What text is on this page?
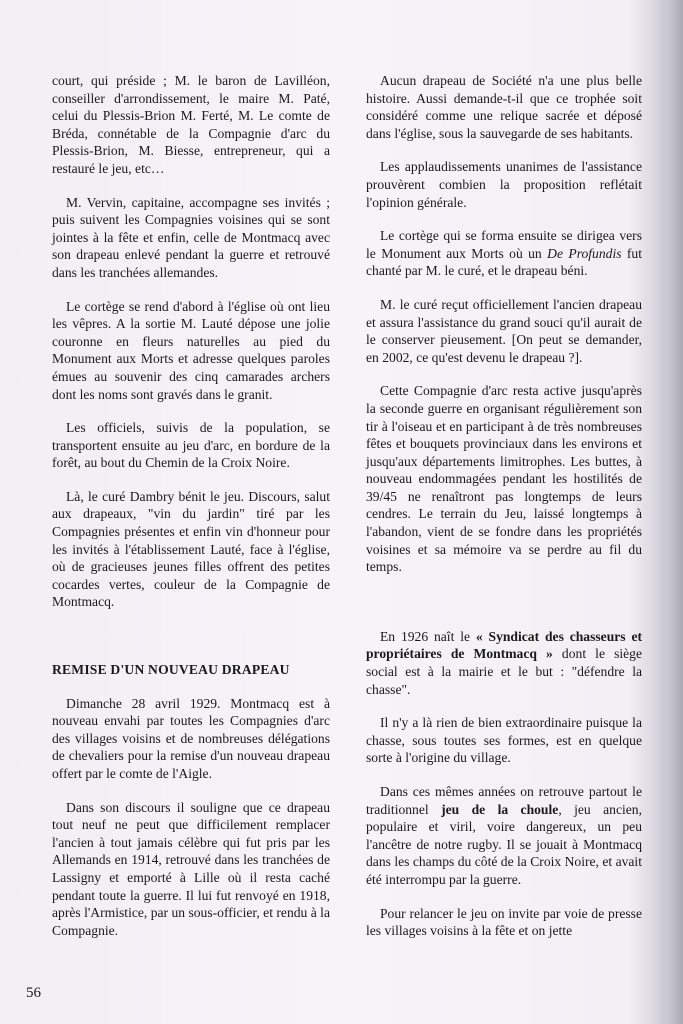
court, qui préside ; M. le baron de Lavilléon, conseiller d'arrondissement, le maire M. Paté, celui du Plessis-Brion M. Ferté, M. Le comte de Bréda, connétable de la Compagnie d'arc du Plessis-Brion, M. Biesse, entrepreneur, qui a restauré le jeu, etc…

M. Vervin, capitaine, accompagne ses invités ; puis suivent les Compagnies voisines qui se sont jointes à la fête et enfin, celle de Montmacq avec son drapeau enlevé pendant la guerre et retrouvé dans les tranchées allemandes.

Le cortège se rend d'abord à l'église où ont lieu les vêpres. A la sortie M. Lauté dépose une jolie couronne en fleurs naturelles au pied du Monument aux Morts et adresse quelques paroles émues au souvenir des cinq camarades archers dont les noms sont gravés dans le granit.

Les officiels, suivis de la population, se transportent ensuite au jeu d'arc, en bordure de la forêt, au bout du Chemin de la Croix Noire.

Là, le curé Dambry bénit le jeu. Discours, salut aux drapeaux, "vin du jardin" tiré par les Compagnies présentes et enfin vin d'honneur pour les invités à l'établissement Lauté, face à l'église, où de gracieuses jeunes filles offrent des petites cocardes vertes, couleur de la Compagnie de Montmacq.

REMISE D'UN NOUVEAU DRAPEAU

Dimanche 28 avril 1929. Montmacq est à nouveau envahi par toutes les Compagnies d'arc des villages voisins et de nombreuses délégations de chevaliers pour la remise d'un nouveau drapeau offert par le comte de l'Aigle.

Dans son discours il souligne que ce drapeau tout neuf ne peut que difficilement remplacer l'ancien à tout jamais célèbre qui fut pris par les Allemands en 1914, retrouvé dans les tranchées de Lassigny et emporté à Lille où il resta caché pendant toute la guerre. Il lui fut renvoyé en 1918, après l'Armistice, par un sous-officier, et rendu à la Compagnie.

Aucun drapeau de Société n'a une plus belle histoire. Aussi demande-t-il que ce trophée soit considéré comme une relique sacrée et déposé dans l'église, sous la sauvegarde de ses habitants.

Les applaudissements unanimes de l'assistance prouvèrent combien la proposition reflétait l'opinion générale.

Le cortège qui se forma ensuite se dirigea vers le Monument aux Morts où un De Profundis fut chanté par M. le curé, et le drapeau béni.

M. le curé reçut officiellement l'ancien drapeau et assura l'assistance du grand souci qu'il aurait de le conserver pieusement. [On peut se demander, en 2002, ce qu'est devenu le drapeau ?].

Cette Compagnie d'arc resta active jusqu'après la seconde guerre en organisant régulièrement son tir à l'oiseau et en participant à de très nombreuses fêtes et bouquets provinciaux dans les environs et jusqu'aux départements limitrophes. Les buttes, à nouveau endommagées pendant les hostilités de 39/45 ne renaîtront pas longtemps de leurs cendres. Le terrain du Jeu, laissé longtemps à l'abandon, vient de se fondre dans les propriétés voisines et sa mémoire va se perdre au fil du temps.

En 1926 naît le « Syndicat des chasseurs et propriétaires de Montmacq » dont le siège social est à la mairie et le but : "défendre la chasse".

Il n'y a là rien de bien extraordinaire puisque la chasse, sous toutes ses formes, est en quelque sorte à l'origine du village.

Dans ces mêmes années on retrouve partout le traditionnel jeu de la choule, jeu ancien, populaire et viril, voire dangereux, un peu l'ancêtre de notre rugby. Il se jouait à Montmacq dans les champs du côté de la Croix Noire, et avait été interrompu par la guerre.

Pour relancer le jeu on invite par voie de presse les villages voisins à la fête et on jette

56
